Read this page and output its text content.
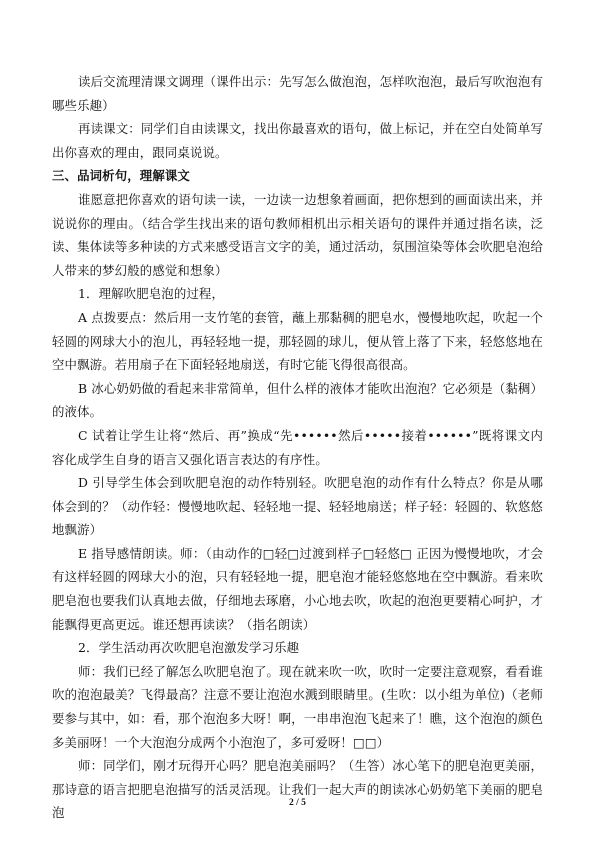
读后交流理清课文调理（课件出示：先写怎么做泡泡，怎样吹泡泡，最后写吹泡泡有哪些乐趣）

再读课文：同学们自由读课文，找出你最喜欢的语句，做上标记，并在空白处简单写出你喜欢的理由，跟同桌说说。

三、品词析句，理解课文

谁愿意把你喜欢的语句读一读，一边读一边想象着画面，把你想到的画面读出来，并说说你的理由。（结合学生找出来的语句教师相机出示相关语句的课件并通过指名读，泛读、集体读等多种读的方式来感受语言文字的美，通过活动，氛围渲染等体会吹肥皂泡给人带来的梦幻般的感觉和想象）

1．理解吹肥皂泡的过程，

A 点拨要点：然后用一支竹笔的套管，蘸上那黏稠的肥皂水，慢慢地吹起，吹起一个轻圆的网球大小的泡儿，再轻轻地一提，那轻圆的球儿，便从管上落了下来，轻悠悠地在空中飘游。若用扇子在下面轻轻地扇送，有时它能飞得很高很高。

B 冰心奶奶做的看起来非常简单，但什么样的液体才能吹出泡泡？它必须是（黏稠）的液体。

C 试着让学生让将“然后、再”换成“先••••••然后•••••接着••••••”既将课文内容化成学生自身的语言又强化语言表达的有序性。

D 引导学生体会到吹肥皂泡的动作特别轻。吹肥皂泡的动作有什么特点？你是从哪体会到的？（动作轻：慢慢地吹起、轻轻地一提、轻轻地扇送；样子轻：轻圆的、软悠悠地飘游）

E 指导感情朗读。师：（由动作的□轻□过渡到样子□轻悠□ 正因为慢慢地吹，才会有这样轻圆的网球大小的泡，只有轻轻地一提，肥皂泡才能轻悠悠地在空中飘游。看来吹肥皂泡也要我们认真地去做，仔细地去琢磨，小心地去吹，吹起的泡泡更要精心呵护，才能飘得更高更远。谁还想再读读？（指名朗读）

2．学生活动再次吹肥皂泡激发学习乐趣

师：我们已经了解怎么吹肥皂泡了。现在就来吹一吹，吹时一定要注意观察，看看谁吹的泡泡最美？飞得最高？注意不要让泡泡水溅到眼睛里。(生吹：以小组为单位)（老师要参与其中，如：看，那个泡泡多大呀！啊，一串串泡泡飞起来了！瞧，这个泡泡的颜色多美丽呀！一个大泡泡分成两个小泡泡了，多可爱呀！□□）

师：同学们，刚才玩得开心吗？肥皂泡美丽吗？（生答）冰心笔下的肥皂泡更美丽，那诗意的语言把肥皂泡描写的活灵活现。让我们一起大声的朗读冰心奶奶笔下美丽的肥皂泡

2 / 5
